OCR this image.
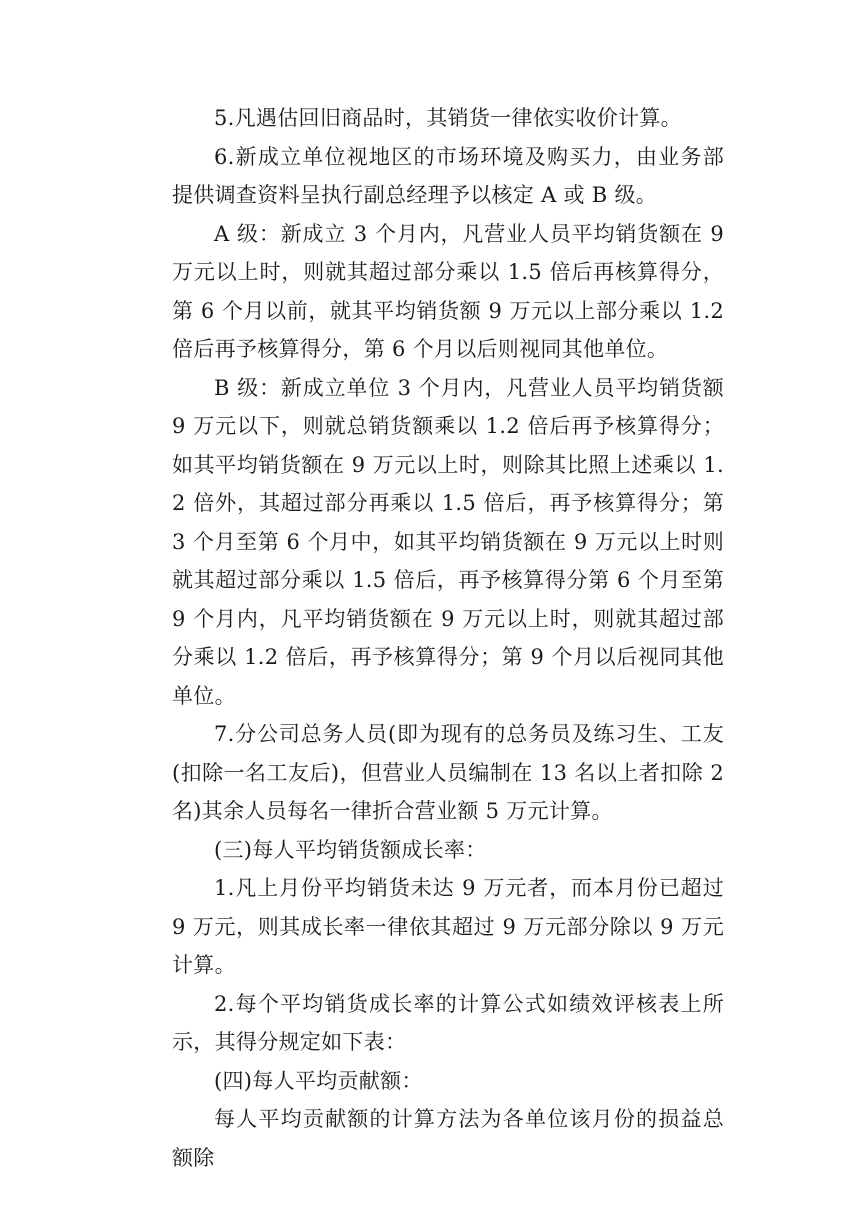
5.凡遇估回旧商品时，其销货一律依实收价计算。

6.新成立单位视地区的市场环境及购买力，由业务部提供调查资料呈执行副总经理予以核定 A 或 B 级。

A 级：新成立 3 个月内，凡营业人员平均销货额在 9 万元以上时，则就其超过部分乘以 1.5 倍后再核算得分，第 6 个月以前，就其平均销货额 9 万元以上部分乘以 1.2 倍后再予核算得分，第 6 个月以后则视同其他单位。

B 级：新成立单位 3 个月内，凡营业人员平均销货额 9 万元以下，则就总销货额乘以 1.2 倍后再予核算得分；如其平均销货额在 9 万元以上时，则除其比照上述乘以 1.2 倍外，其超过部分再乘以 1.5 倍后，再予核算得分；第 3 个月至第 6 个月中，如其平均销货额在 9 万元以上时则就其超过部分乘以 1.5 倍后，再予核算得分第 6 个月至第 9 个月内，凡平均销货额在 9 万元以上时，则就其超过部分乘以 1.2 倍后，再予核算得分；第 9 个月以后视同其他单位。

7.分公司总务人员(即为现有的总务员及练习生、工友(扣除一名工友后)，但营业人员编制在 13 名以上者扣除 2 名)其余人员每名一律折合营业额 5 万元计算。

(三)每人平均销货额成长率：

1.凡上月份平均销货未达 9 万元者，而本月份已超过 9 万元，则其成长率一律依其超过 9 万元部分除以 9 万元计算。

2.每个平均销货成长率的计算公式如绩效评核表上所示，其得分规定如下表：

(四)每人平均贡献额：

每人平均贡献额的计算方法为各单位该月份的损益总额除
